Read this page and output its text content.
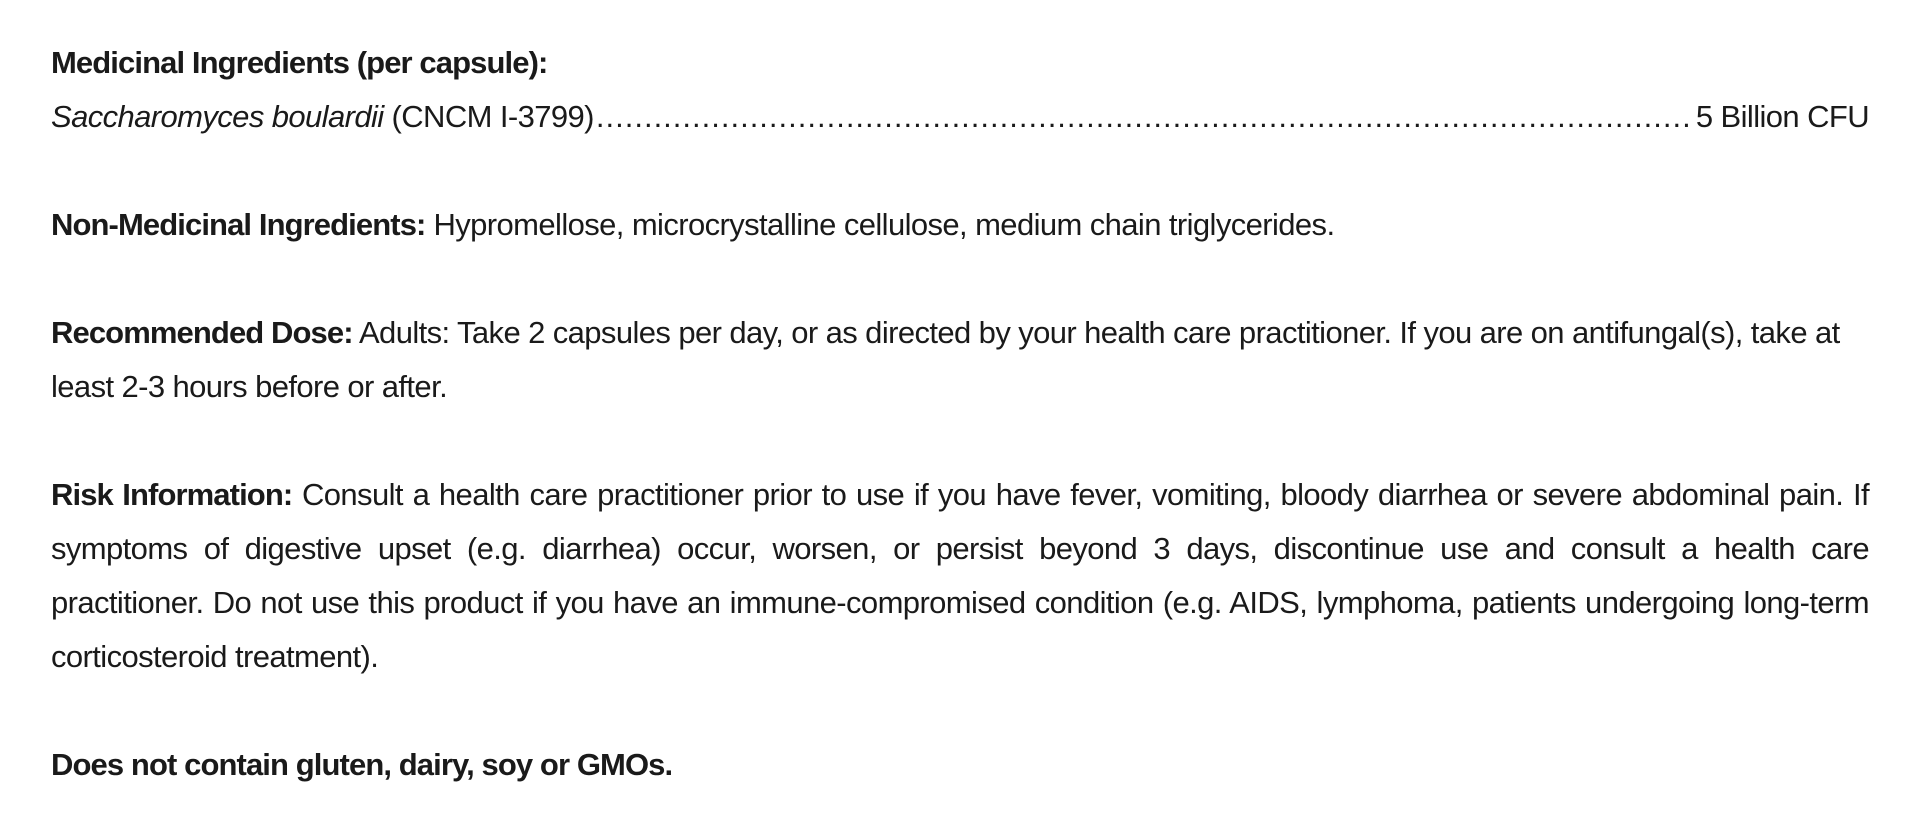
Medicinal Ingredients (per capsule):
Saccharomyces boulardii
(CNCM I-3799)
.....	5 Billion CFU
Non-Medicinal Ingredients: Hypromellose, microcrystalline cellulose, medium chain triglycerides.
Recommended Dose: Adults: Take 2 capsules per day, or as directed by your health care practitioner. If you are on antifungal(s), take at least 2-3 hours before or after.
Risk Information: Consult a health care practitioner prior to use if you have fever, vomiting, bloody diarrhea or severe abdominal pain. If symptoms of digestive upset (e.g. diarrhea) occur, worsen, or persist beyond 3 days, discontinue use and consult a health care practitioner. Do not use this product if you have an immune-compromised condition (e.g. AIDS, lymphoma, patients undergoing long-term corticosteroid treatment).
Does not contain gluten, dairy, soy or GMOs.
